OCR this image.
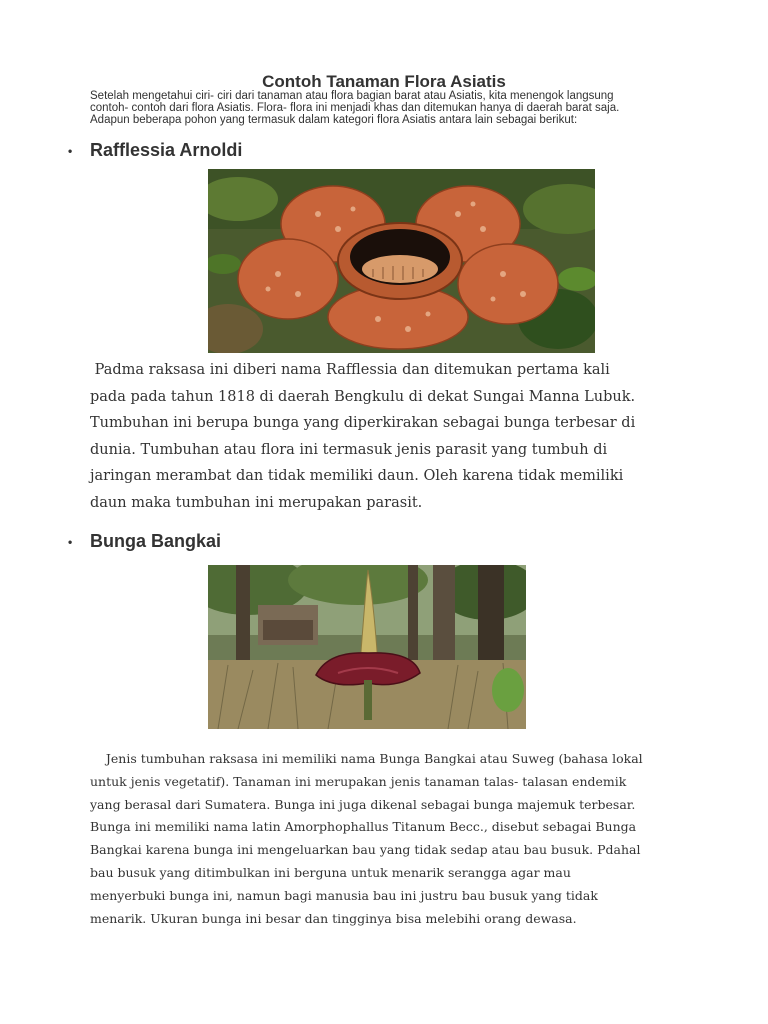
Contoh Tanaman Flora Asiatis
Setelah mengetahui ciri- ciri dari tanaman atau flora bagian barat atau Asiatis, kita menengok langsung
contoh- contoh dari flora Asiatis. Flora- flora ini menjadi khas dan ditemukan hanya di daerah barat saja.
Adapun beberapa pohon yang termasuk dalam kategori flora Asiatis antara lain sebagai berikut:
• Rafflessia Arnoldi

Padma raksasa ini diberi nama Rafflessia dan ditemukan pertama kali

pada pada tahun 1818 di daerah Bengkulu di dekat Sungai Manna Lubuk.

Tumbuhan ini berupa bunga yang diperkirakan sebagai bunga terbesar di

dunia. Tumbuhan atau flora ini termasuk jenis parasit yang tumbuh di

jaringan merambat dan tidak memiliki daun. Oleh karena tidak memiliki

daun maka tumbuhan ini merupakan parasit.

• Bunga Bangkai

Jenis tumbuhan raksasa ini memiliki nama Bunga Bangkai atau Suweg (bahasa lokal

untuk jenis vegetatif). Tanaman ini merupakan jenis tanaman talas- talasan endemik

yang berasal dari Sumatera. Bunga ini juga dikenal sebagai bunga majemuk terbesar.

Bunga ini memiliki nama latin Amorphophallus Titanum Becc., disebut sebagai Bunga

Bangkai karena bunga ini mengeluarkan bau yang tidak sedap atau bau busuk. Pdahal

bau busuk yang ditimbulkan ini berguna untuk menarik serangga agar mau

menyerbuki bunga ini, namun bagi manusia bau ini justru bau busuk yang tidak

menarik. Ukuran bunga ini besar dan tingginya bisa melebihi orang dewasa.
